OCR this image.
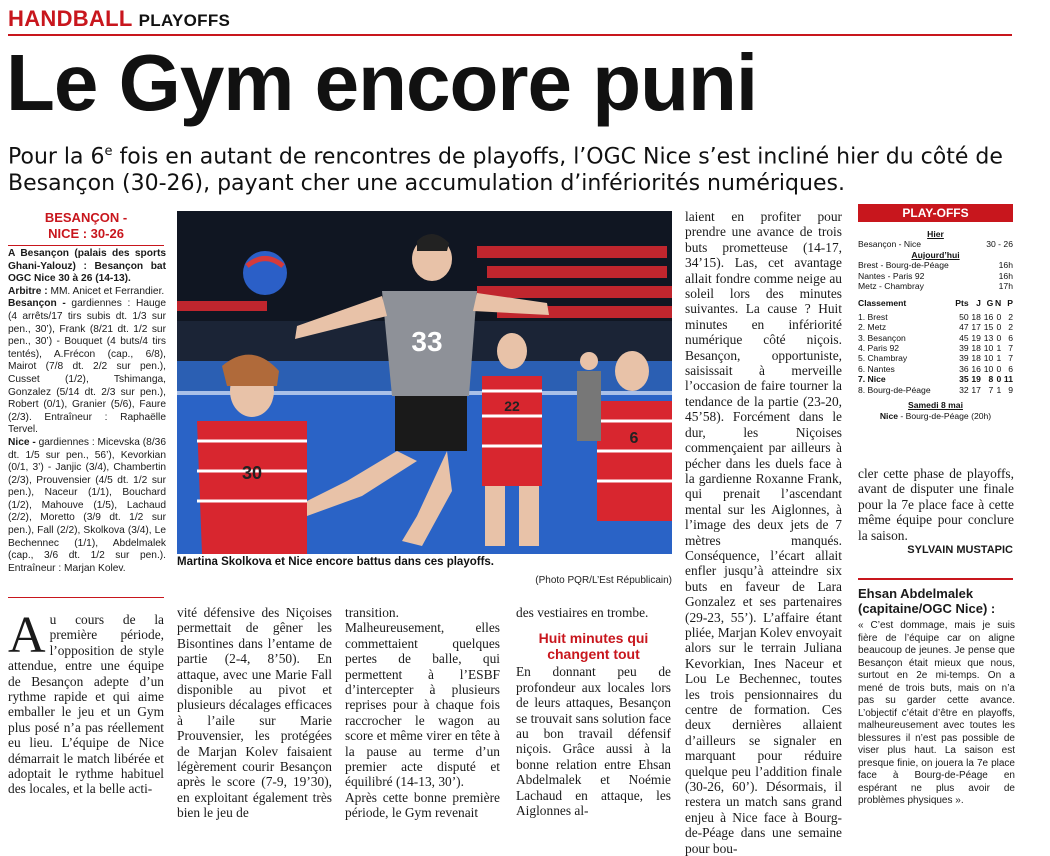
HANDBALL PLAYOFFS
Le Gym encore puni
Pour la 6e fois en autant de rencontres de playoffs, l’OGC Nice s’est incliné hier du côté de Besançon (30-26), payant cher une accumulation d’infériorités numériques.
BESANÇON -
NICE : 30-26

A Besançon (palais des sports Ghani-Yalouz) : Besançon bat OGC Nice 30 à 26 (14-13).

Arbitre : MM. Anicet et Ferrandier.

Besançon - gardiennes : Hauge (4 arrêts/17 tirs subis dt. 1/3 sur pen., 30’), Frank (8/21 dt. 1/2 sur pen., 30’) - Bouquet (4 buts/4 tirs tentés), A.Frécon (cap., 6/8), Mairot (7/8 dt. 2/2 sur pen.), Cusset (1/2), Tshimanga, Gonzalez (5/14 dt. 2/3 sur pen.), Robert (0/1), Granier (5/6), Faure (2/3). Entraîneur : Raphaëlle Tervel.

Nice - gardiennes : Micevska (8/36 dt. 1/5 sur pen., 56’), Kevorkian (0/1, 3’) - Janjic (3/4), Chambertin (2/3), Prouvensier (4/5 dt. 1/2 sur pen.), Naceur (1/1), Bouchard (1/2), Mahouve (1/5), Lachaud (2/2), Moretto (3/9 dt. 1/2 sur pen.), Fall (2/2), Skolkova (3/4), Le Bechennec (1/1), Abdelmalek (cap., 3/6 dt. 1/2 sur pen.). Entraîneur : Marjan Kolev.

33
30
22
6
Martina Skolkova et Nice encore battus dans ces playoffs.
(Photo PQR/L’Est Républicain)
Au cours de la première période, l’opposition de style attendue, entre une équipe de Besançon adepte d’un rythme rapide et qui aime emballer le jeu et un Gym plus posé n’a pas réellement eu lieu. L’équipe de Nice démarrait le match libérée et adoptait le rythme habituel des locales, et la belle acti-

vité défensive des Niçoises permettait de gêner les Bisontines dans l’entame de partie (2-4, 8’50). En attaque, avec une Marie Fall disponible au pivot et plusieurs décalages efficaces à l’aile sur Marie Prouvensier, les protégées de Marjan Kolev faisaient légèrement courir Besançon après le score (7-9, 19’30), en exploitant également très bien le jeu de

transition. Malheureusement, elles commettaient quelques pertes de balle, qui permettent à l’ESBF d’intercepter à plusieurs reprises pour à chaque fois raccrocher le wagon au score et même virer en tête à la pause au terme d’un premier acte disputé et équilibré (14-13, 30’).

Après cette bonne première période, le Gym revenait

des vestiaires en trombe.

Huit minutes qui
changent tout

En donnant peu de profondeur aux locales lors de leurs attaques, Besançon se trouvait sans solution face au bon travail défensif niçois. Grâce aussi à la bonne relation entre Ehsan Abdelmalek et Noémie Lachaud en attaque, les Aiglonnes al-

laient en profiter pour prendre une avance de trois buts prometteuse (14-17, 34’15). Las, cet avantage allait fondre comme neige au soleil lors des minutes suivantes. La cause ? Huit minutes en infériorité numérique côté niçois. Besançon, opportuniste, saisissait à merveille l’occasion de faire tourner la tendance de la partie (23-20, 45’58). Forcément dans le dur, les Niçoises commençaient par ailleurs à pécher dans les duels face à la gardienne Roxanne Frank, qui prenait l’ascendant mental sur les Aiglonnes, à l’image des deux jets de 7 mètres manqués. Conséquence, l’écart allait enfler jusqu’à atteindre six buts en faveur de Lara Gonzalez et ses partenaires (29-23, 55’). L’affaire étant pliée, Marjan Kolev envoyait alors sur le terrain Juliana Kevorkian, Ines Naceur et Lou Le Bechennec, toutes les trois pensionnaires du centre de formation. Ces deux dernières allaient d’ailleurs se signaler en marquant pour réduire quelque peu l’addition finale (30-26, 60’). Désormais, il restera un match sans grand enjeu à Nice face à Bourg-de-Péage dans une semaine pour bou-

cler cette phase de playoffs, avant de disputer une finale pour la 7e place face à cette même équipe pour conclure la saison.

SYLVAIN MUSTAPIC
PLAY-OFFS
Hier
Besançon - Nice	30 - 26
Aujourd’hui
Brest - Bourg-de-Péage	16h
Nantes - Paris 92	16h
Metz - Chambray	17h
Classement	Pts	J	G	N	P

1. Brest	50	18	16	0	2
2. Metz	47	17	15	0	2
3. Besançon	45	19	13	0	6
4. Paris 92	39	18	10	1	7
5. Chambray	39	18	10	1	7
6. Nantes	36	16	10	0	6
7. Nice	35	19	8	0	11
8. Bourg-de-Péage	32	17	7	1	9
Samedi 8 mai
Nice - Bourg-de-Péage (20h)
Ehsan Abdelmalek (capitaine/OGC Nice) :
« C’est dommage, mais je suis fière de l’équipe car on aligne beaucoup de jeunes. Je pense que Besançon était mieux que nous, surtout en 2e mi-temps. On a mené de trois buts, mais on n’a pas su garder cette avance. L’objectif c’était d’être en playoffs, malheureusement avec toutes les blessures il n’est pas possible de viser plus haut. La saison est presque finie, on jouera la 7e place face à Bourg-de-Péage en espérant ne plus avoir de problèmes physiques ».
